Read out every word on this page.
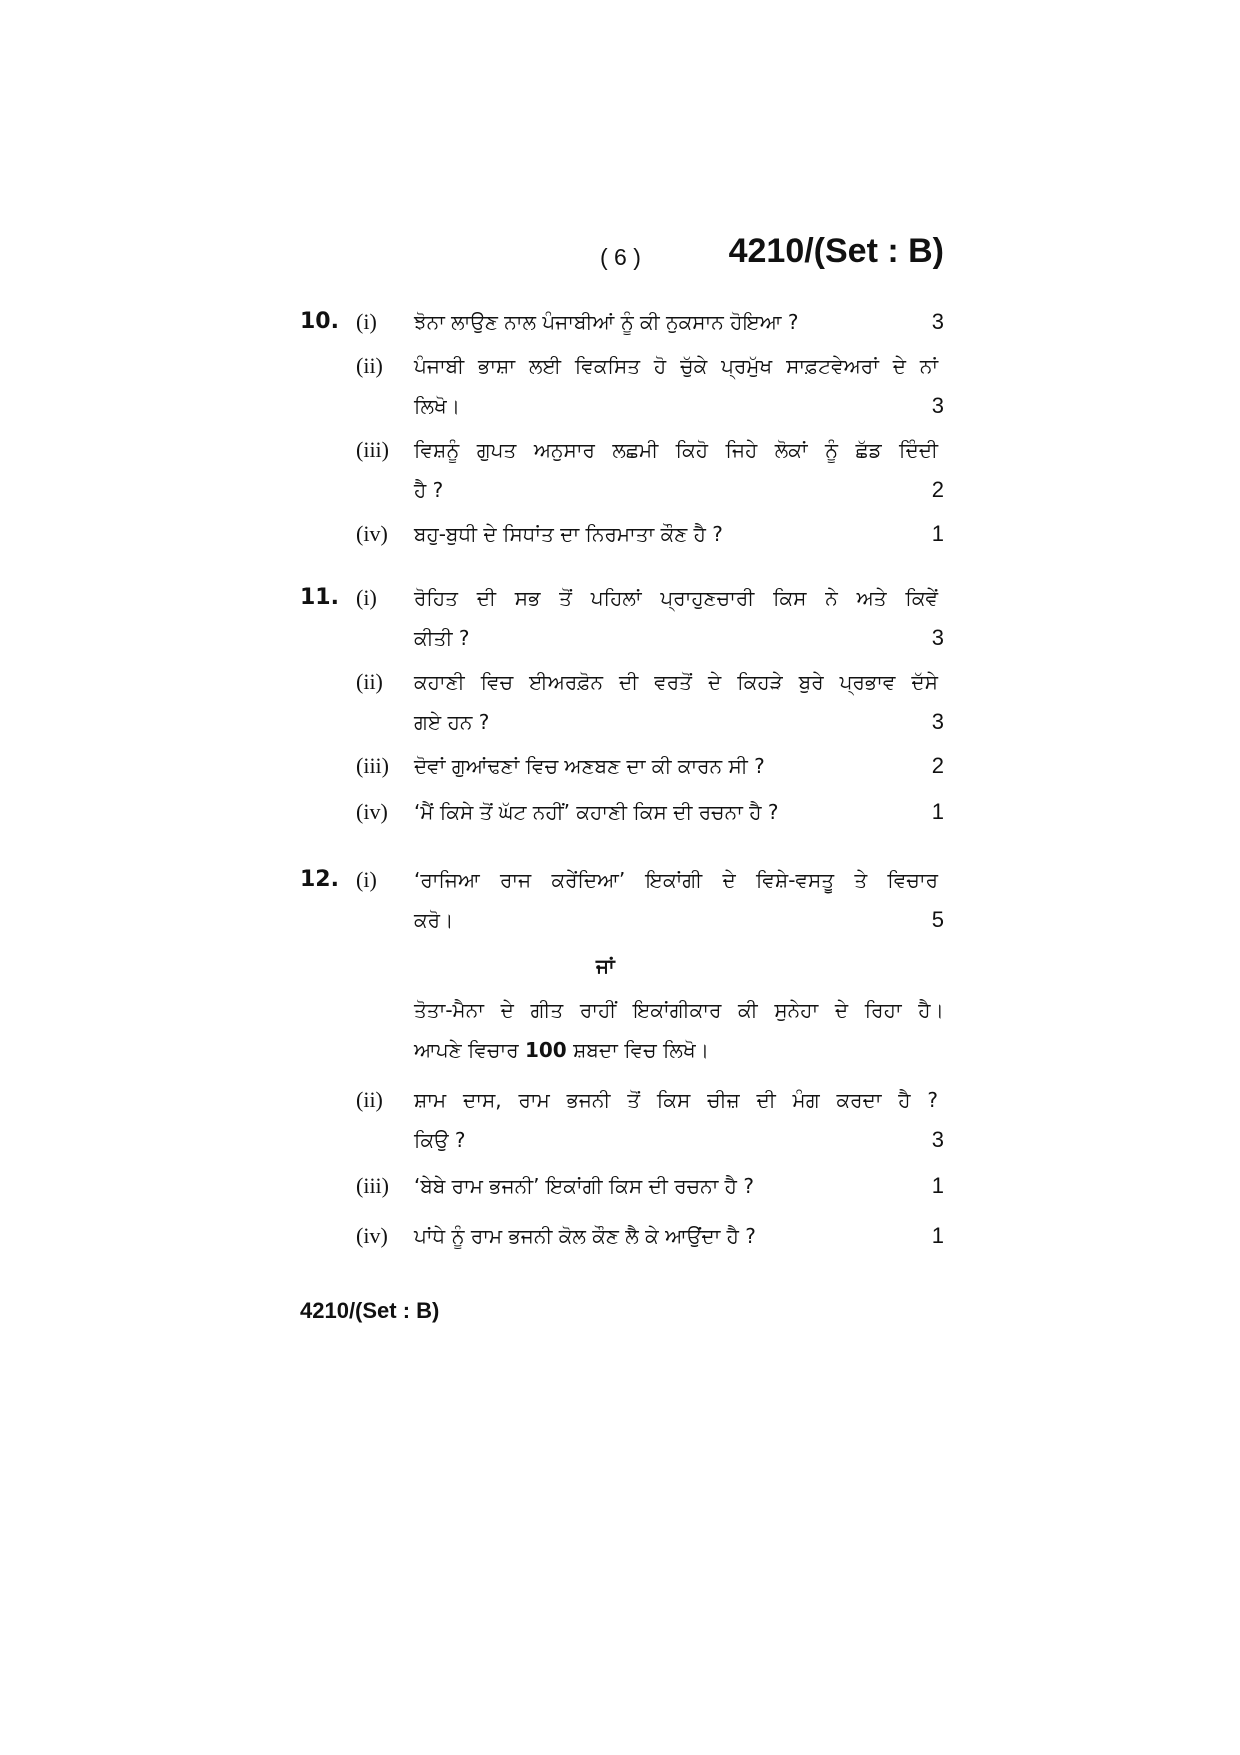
( 6 )	4210/(Set : B)
10. (i) ਝੋਨਾ ਲਾਉਣ ਨਾਲ ਪੰਜਾਬੀਆਂ ਨੂੰ ਕੀ ਨੁਕਸਾਨ ਹੋਇਆ ?	3
(ii) ਪੰਜਾਬੀ ਭਾਸ਼ਾ ਲਈ ਵਿਕਸਿਤ ਹੋ ਚੁੱਕੇ ਪ੍ਰਮੁੱਖ ਸਾਫ਼ਟਵੇਅਰਾਂ ਦੇ ਨਾਂ
ਲਿਖੋ।	3
(iii) ਵਿਸ਼ਨੂੰ ਗੁਪਤ ਅਨੁਸਾਰ ਲਛਮੀ ਕਿਹੋ ਜਿਹੇ ਲੋਕਾਂ ਨੂੰ ਛੱਡ ਦਿੰਦੀ
ਹੈ ?	2
(iv) ਬਹੁ-ਬੁਧੀ ਦੇ ਸਿਧਾਂਤ ਦਾ ਨਿਰਮਾਤਾ ਕੌਣ ਹੈ ?	1
11. (i) ਰੋਹਿਤ ਦੀ ਸਭ ਤੋਂ ਪਹਿਲਾਂ ਪ੍ਰਾਹੁਣਚਾਰੀ ਕਿਸ ਨੇ ਅਤੇ ਕਿਵੇਂ
ਕੀਤੀ ?	3
(ii) ਕਹਾਣੀ ਵਿਚ ਈਅਰਫ਼ੋਨ ਦੀ ਵਰਤੋਂ ਦੇ ਕਿਹੜੇ ਬੁਰੇ ਪ੍ਰਭਾਵ ਦੱਸੇ
ਗਏ ਹਨ ?	3
(iii) ਦੋਵਾਂ ਗੁਆਂਢਣਾਂ ਵਿਚ ਅਣਬਣ ਦਾ ਕੀ ਕਾਰਨ ਸੀ ?	2
(iv) ‘ਮੈਂ ਕਿਸੇ ਤੋਂ ਘੱਟ ਨਹੀਂ’ ਕਹਾਣੀ ਕਿਸ ਦੀ ਰਚਨਾ ਹੈ ?	1
12. (i) ‘ਰਾਜਿਆ ਰਾਜ ਕਰੇਂਦਿਆ’ ਇਕਾਂਗੀ ਦੇ ਵਿਸ਼ੇ-ਵਸਤੂ ਤੇ ਵਿਚਾਰ
ਕਰੋ।	5
ਜਾਂ
ਤੋਤਾ-ਮੈਨਾ ਦੇ ਗੀਤ ਰਾਹੀਂ ਇਕਾਂਗੀਕਾਰ ਕੀ ਸੁਨੇਹਾ ਦੇ ਰਿਹਾ ਹੈ।
ਆਪਣੇ ਵਿਚਾਰ 100 ਸ਼ਬਦਾ ਵਿਚ ਲਿਖੋ।
(ii) ਸ਼ਾਮ ਦਾਸ, ਰਾਮ ਭਜਨੀ ਤੋਂ ਕਿਸ ਚੀਜ਼ ਦੀ ਮੰਗ ਕਰਦਾ ਹੈ ?
ਕਿਉ ?	3
(iii) ‘ਬੇਬੇ ਰਾਮ ਭਜਨੀ’ ਇਕਾਂਗੀ ਕਿਸ ਦੀ ਰਚਨਾ ਹੈ ?	1
(iv) ਪਾਂਧੇ ਨੂੰ ਰਾਮ ਭਜਨੀ ਕੋਲ ਕੌਣ ਲੈ ਕੇ ਆਉਂਦਾ ਹੈ ?	1
4210/(Set : B)
